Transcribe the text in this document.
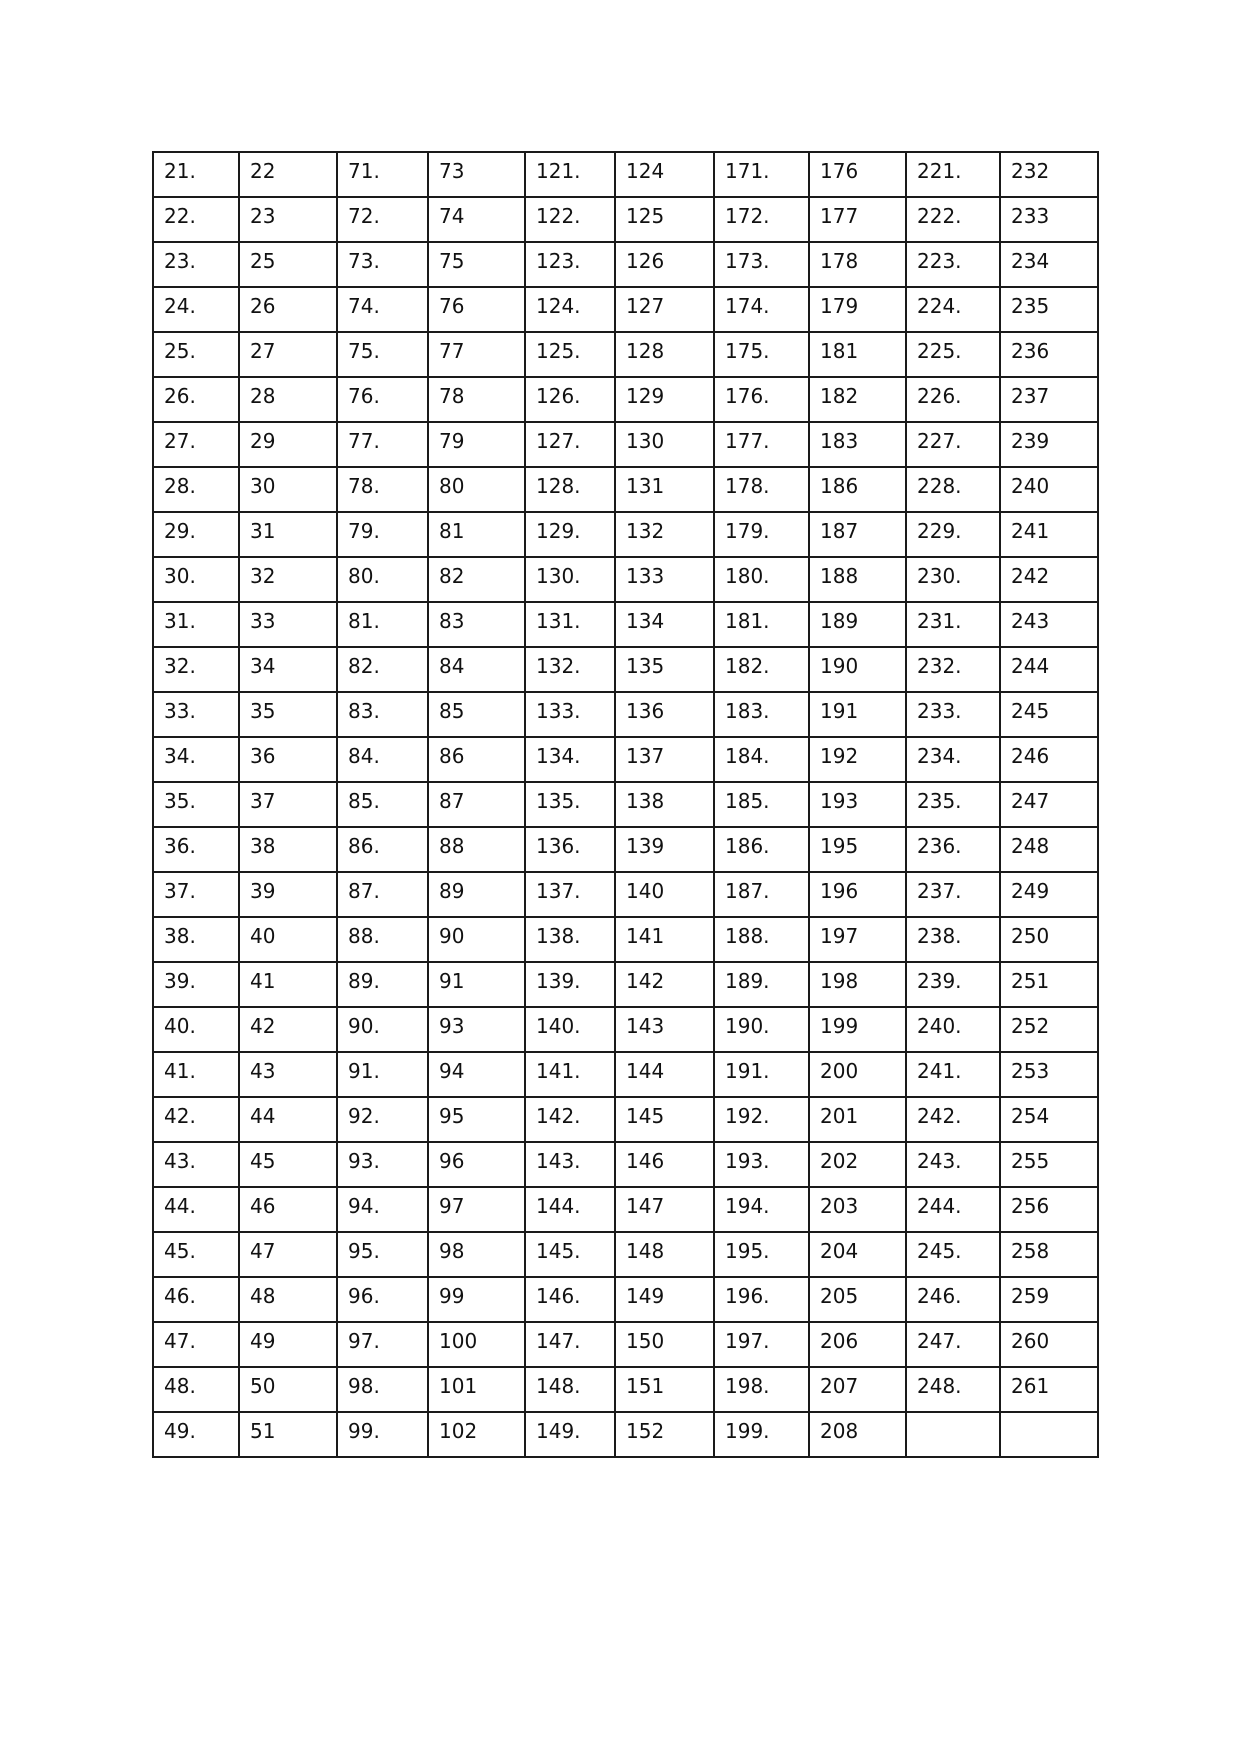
21.	22	71.	73	121.	124	171.	176	221.	232
22.	23	72.	74	122.	125	172.	177	222.	233
23.	25	73.	75	123.	126	173.	178	223.	234
24.	26	74.	76	124.	127	174.	179	224.	235
25.	27	75.	77	125.	128	175.	181	225.	236
26.	28	76.	78	126.	129	176.	182	226.	237
27.	29	77.	79	127.	130	177.	183	227.	239
28.	30	78.	80	128.	131	178.	186	228.	240
29.	31	79.	81	129.	132	179.	187	229.	241
30.	32	80.	82	130.	133	180.	188	230.	242
31.	33	81.	83	131.	134	181.	189	231.	243
32.	34	82.	84	132.	135	182.	190	232.	244
33.	35	83.	85	133.	136	183.	191	233.	245
34.	36	84.	86	134.	137	184.	192	234.	246
35.	37	85.	87	135.	138	185.	193	235.	247
36.	38	86.	88	136.	139	186.	195	236.	248
37.	39	87.	89	137.	140	187.	196	237.	249
38.	40	88.	90	138.	141	188.	197	238.	250
39.	41	89.	91	139.	142	189.	198	239.	251
40.	42	90.	93	140.	143	190.	199	240.	252
41.	43	91.	94	141.	144	191.	200	241.	253
42.	44	92.	95	142.	145	192.	201	242.	254
43.	45	93.	96	143.	146	193.	202	243.	255
44.	46	94.	97	144.	147	194.	203	244.	256
45.	47	95.	98	145.	148	195.	204	245.	258
46.	48	96.	99	146.	149	196.	205	246.	259
47.	49	97.	100	147.	150	197.	206	247.	260
48.	50	98.	101	148.	151	198.	207	248.	261
49.	51	99.	102	149.	152	199.	208		
